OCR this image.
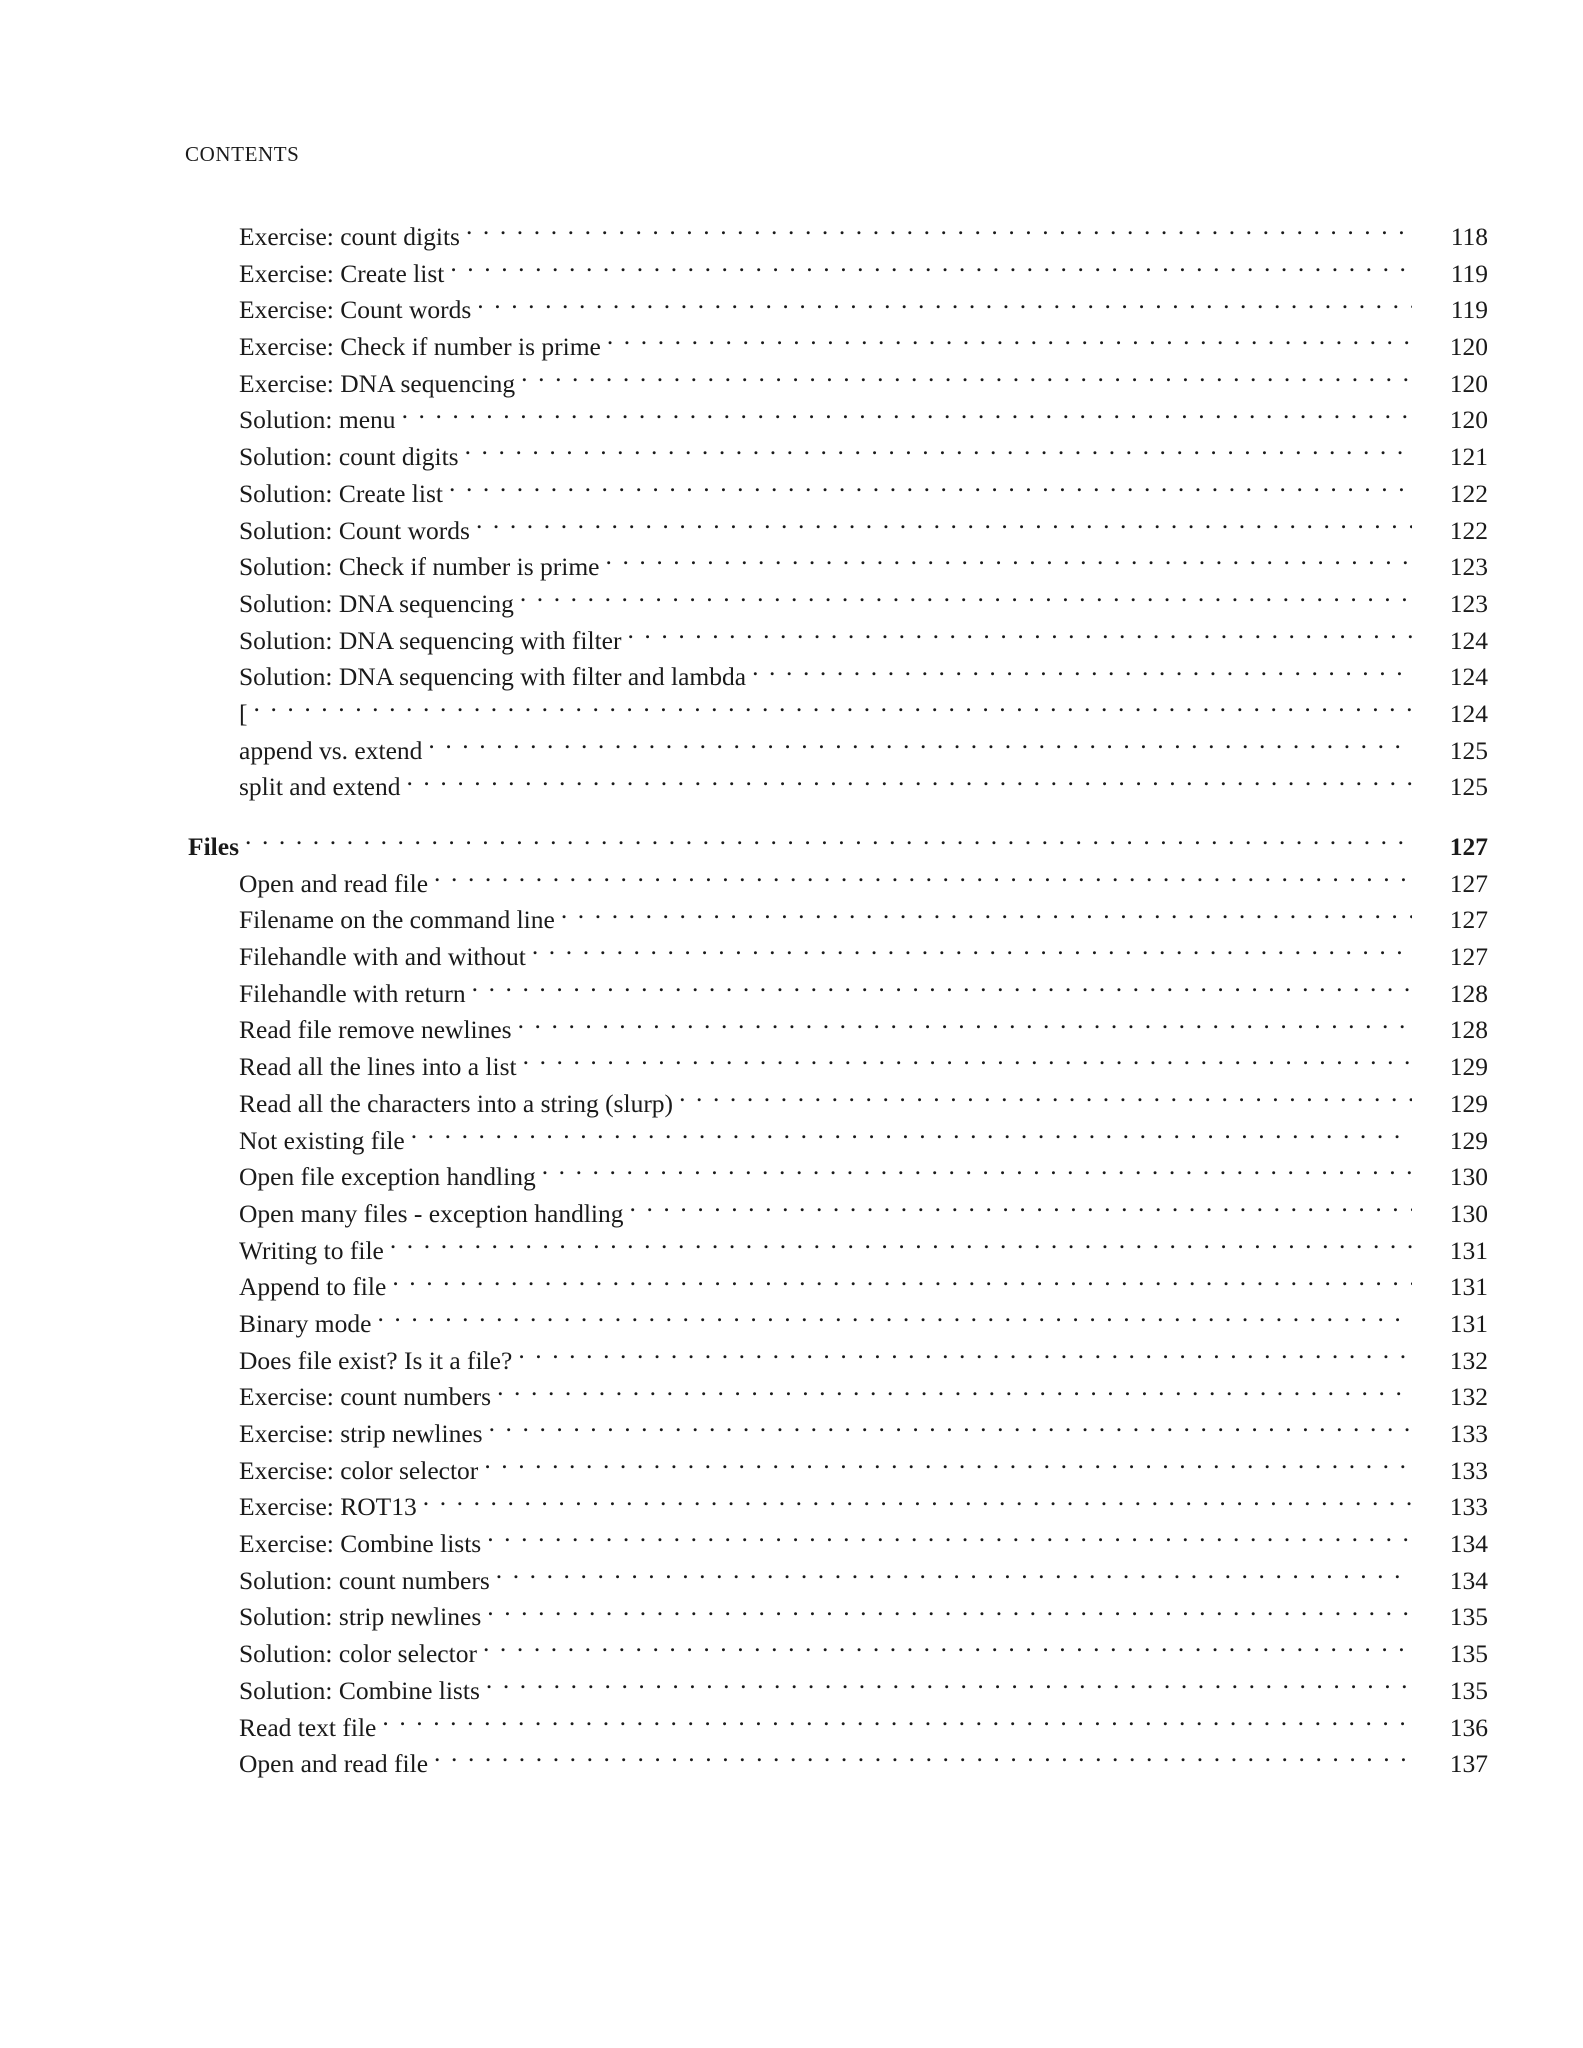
CONTENTS
Exercise: count digits . . .	118
Exercise: Create list . . .	119
Exercise: Count words . . .	119
Exercise: Check if number is prime . . .	120
Exercise: DNA sequencing . . .	120
Solution: menu . . .	120
Solution: count digits . . .	121
Solution: Create list . . .	122
Solution: Count words . . .	122
Solution: Check if number is prime . . .	123
Solution: DNA sequencing . . .	123
Solution: DNA sequencing with filter . . .	124
Solution: DNA sequencing with filter and lambda . . .	124
[ . . .	124
append vs. extend . . .	125
split and extend . . .	125
Files . . .	127
Open and read file . . .	127
Filename on the command line . . .	127
Filehandle with and without . . .	127
Filehandle with return . . .	128
Read file remove newlines . . .	128
Read all the lines into a list . . .	129
Read all the characters into a string (slurp) . . .	129
Not existing file . . .	129
Open file exception handling . . .	130
Open many files - exception handling . . .	130
Writing to file . . .	131
Append to file . . .	131
Binary mode . . .	131
Does file exist? Is it a file? . . .	132
Exercise: count numbers . . .	132
Exercise: strip newlines . . .	133
Exercise: color selector . . .	133
Exercise: ROT13 . . .	133
Exercise: Combine lists . . .	134
Solution: count numbers . . .	134
Solution: strip newlines . . .	135
Solution: color selector . . .	135
Solution: Combine lists . . .	135
Read text file . . .	136
Open and read file . . .	137
